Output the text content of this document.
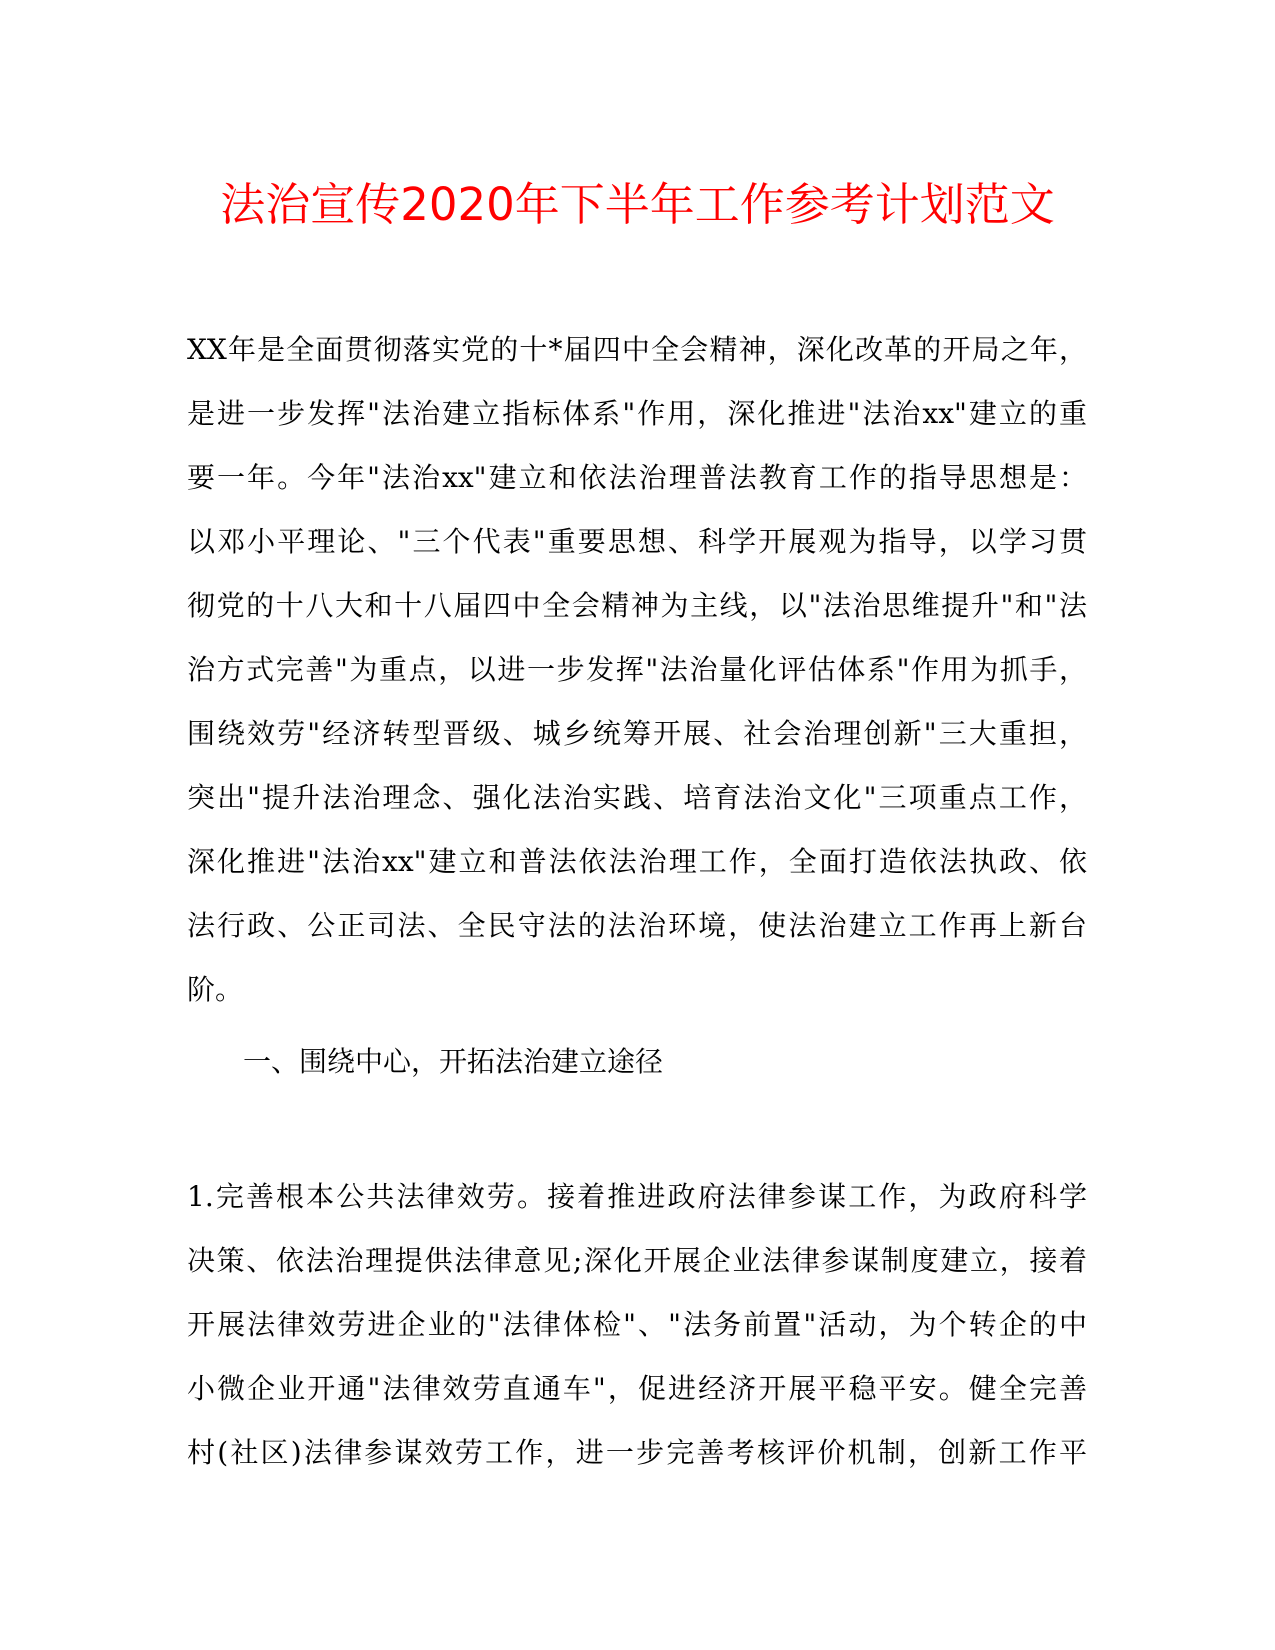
法治宣传2020年下半年工作参考计划范文
XX年是全面贯彻落实党的十*届四中全会精神，深化改革的开局之年，
是进一步发挥"法治建立指标体系"作用，深化推进"法治xx"建立的重
要一年。今年"法治xx"建立和依法治理普法教育工作的指导思想是：
以邓小平理论、"三个代表"重要思想、科学开展观为指导，以学习贯
彻党的十八大和十八届四中全会精神为主线，以"法治思维提升"和"法
治方式完善"为重点，以进一步发挥"法治量化评估体系"作用为抓手，
围绕效劳"经济转型晋级、城乡统筹开展、社会治理创新"三大重担，
突出"提升法治理念、强化法治实践、培育法治文化"三项重点工作，
深化推进"法治xx"建立和普法依法治理工作，全面打造依法执政、依
法行政、公正司法、全民守法的法治环境，使法治建立工作再上新台
阶。
一、围绕中心，开拓法治建立途径
1.完善根本公共法律效劳。接着推进政府法律参谋工作，为政府科学
决策、依法治理提供法律意见;深化开展企业法律参谋制度建立，接着
开展法律效劳进企业的"法律体检"、"法务前置"活动，为个转企的中
小微企业开通"法律效劳直通车"，促进经济开展平稳平安。健全完善
村(社区)法律参谋效劳工作，进一步完善考核评价机制，创新工作平
